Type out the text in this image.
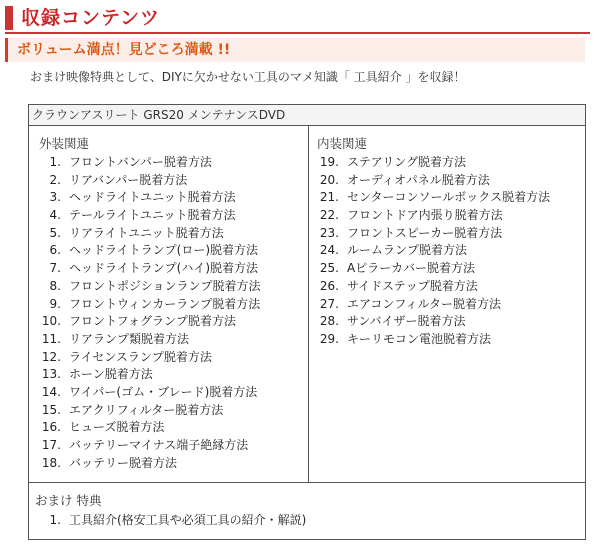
収録コンテンツ
ボリューム満点！見どころ満載 !!
おまけ映像特典として、DIYに欠かせない工具のマメ知識「 工具紹介 」を収録！
クラウンアスリート GRS20 メンテナンスDVD
外装関連
1. フロントバンパー脱着方法
2. リアバンパー脱着方法
3. ヘッドライトユニット脱着方法
4. テールライトユニット脱着方法
5. リアライトユニット脱着方法
6. ヘッドライトランプ(ロー)脱着方法
7. ヘッドライトランプ(ハイ)脱着方法
8. フロントポジションランプ脱着方法
9. フロントウィンカーランプ脱着方法
10. フロントフォグランプ脱着方法
11. リアランプ類脱着方法
12. ライセンスランプ脱着方法
13. ホーン脱着方法
14. ワイパー(ゴム・ブレード)脱着方法
15. エアクリフィルター脱着方法
16. ヒューズ脱着方法
17. バッテリーマイナス端子絶縁方法
18. バッテリー脱着方法
内装関連
19. ステアリング脱着方法
20. オーディオパネル脱着方法
21. センターコンソールボックス脱着方法
22. フロントドア内張り脱着方法
23. フロントスピーカー脱着方法
24. ルームランプ脱着方法
25. Aピラーカバー脱着方法
26. サイドステップ脱着方法
27. エアコンフィルター脱着方法
28. サンバイザー脱着方法
29. キーリモコン電池脱着方法
おまけ 特典
1. 工具紹介(格安工具や必須工具の紹介・解説)
